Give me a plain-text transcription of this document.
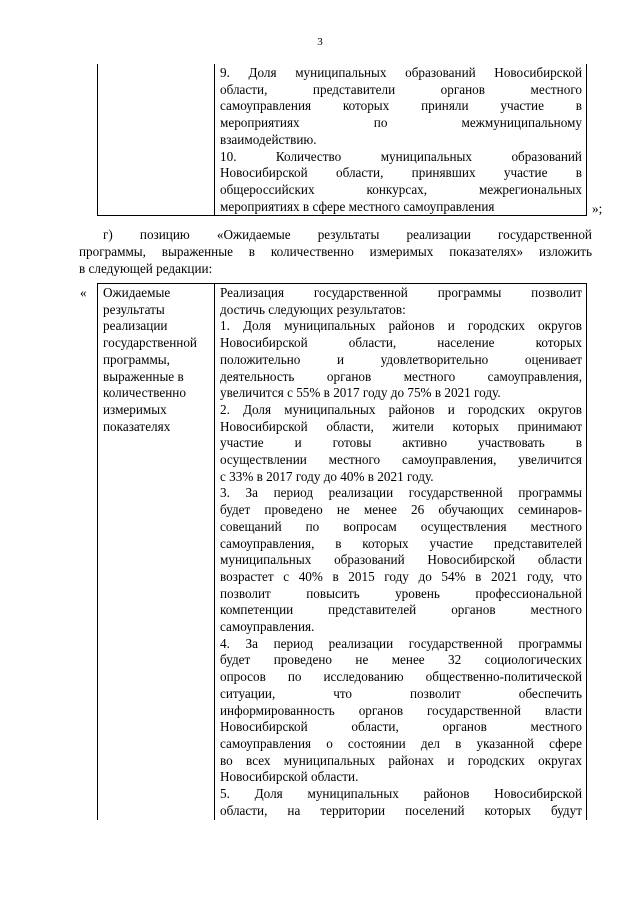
3

9. Доля муниципальных образований Новосибирской
области, представители органов местного
самоуправления которых приняли участие в
мероприятиях по межмуниципальному
взаимодействию.
10. Количество муниципальных образований
Новосибирской области, принявших участие в
общероссийских конкурсах, межрегиональных
мероприятиях в сфере местного самоуправления	»;
г) позицию «Ожидаемые результаты реализации государственной
программы, выраженные в количественно измеримых показателях» изложить
в следующей редакции:
« Ожидаемые
результаты
реализации
государственной
программы,
выраженные в
количественно
измеримых
показателях

Реализация государственной программы позволит
достичь следующих результатов:
1. Доля муниципальных районов и городских округов
Новосибирской области, население которых
положительно и удовлетворительно оценивает
деятельность органов местного самоуправления,
увеличится с 55% в 2017 году до 75% в 2021 году.
2. Доля муниципальных районов и городских округов
Новосибирской области, жители которых принимают
участие и готовы активно участвовать в
осуществлении местного самоуправления, увеличится
с 33% в 2017 году до 40% в 2021 году.
3. За период реализации государственной программы
будет проведено не менее 26 обучающих семинаров-
совещаний по вопросам осуществления местного
самоуправления, в которых участие представителей
муниципальных образований Новосибирской области
возрастет с 40% в 2015 году до 54% в 2021 году, что
позволит повысить уровень профессиональной
компетенции представителей органов местного
самоуправления.
4. За период реализации государственной программы
будет проведено не менее 32 социологических
опросов по исследованию общественно-политической
ситуации, что позволит обеспечить
информированность органов государственной власти
Новосибирской области, органов местного
самоуправления о состоянии дел в указанной сфере
во всех муниципальных районах и городских округах
Новосибирской области.
5. Доля муниципальных районов Новосибирской
области, на территории поселений которых будут
